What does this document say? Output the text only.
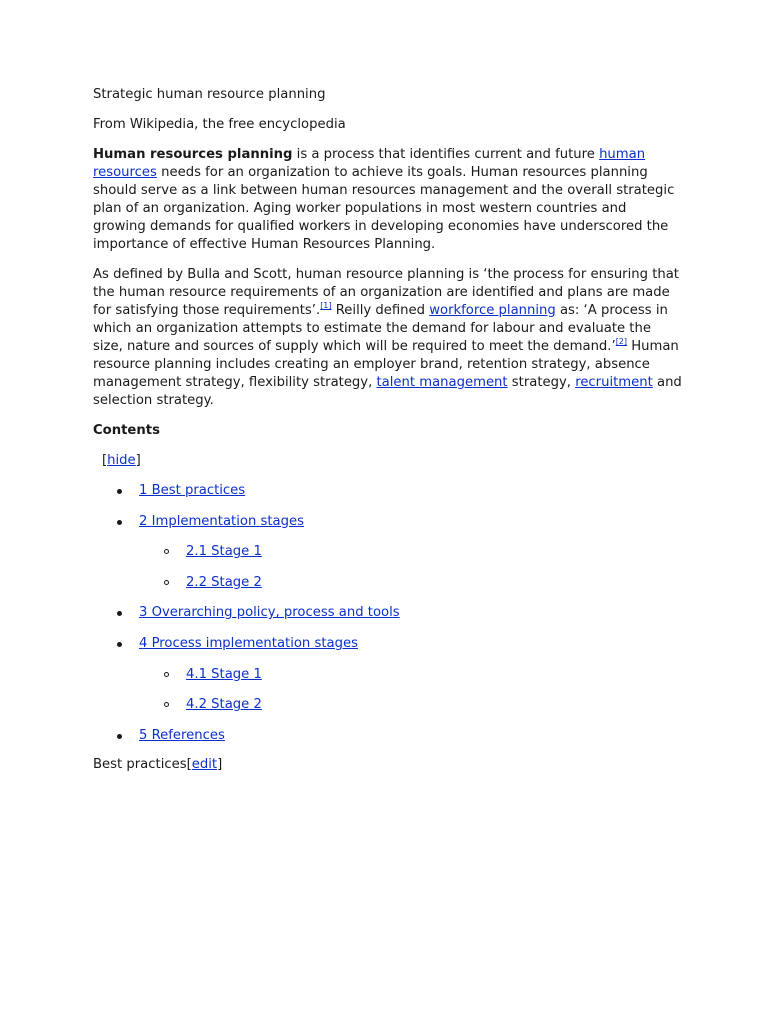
Strategic human resource planning

From Wikipedia, the free encyclopedia

Human resources planning is a process that identifies current and future human resources needs for an organization to achieve its goals. Human resources planning should serve as a link between human resources management and the overall strategic plan of an organization. Aging worker populations in most western countries and growing demands for qualified workers in developing economies have underscored the importance of effective Human Resources Planning.

As defined by Bulla and Scott, human resource planning is ‘the process for ensuring that the human resource requirements of an organization are identified and plans are made for satisfying those requirements’.[1] Reilly defined workforce planning as: ‘A process in which an organization attempts to estimate the demand for labour and evaluate the size, nature and sources of supply which will be required to meet the demand.’[2] Human resource planning includes creating an employer brand, retention strategy, absence management strategy, flexibility strategy, talent management strategy, recruitment and selection strategy.

Contents

[hide]

1 Best practices
2 Implementation stages
2.1 Stage 1
2.2 Stage 2
3 Overarching policy, process and tools
4 Process implementation stages
4.1 Stage 1
4.2 Stage 2
5 References

Best practices[edit]
